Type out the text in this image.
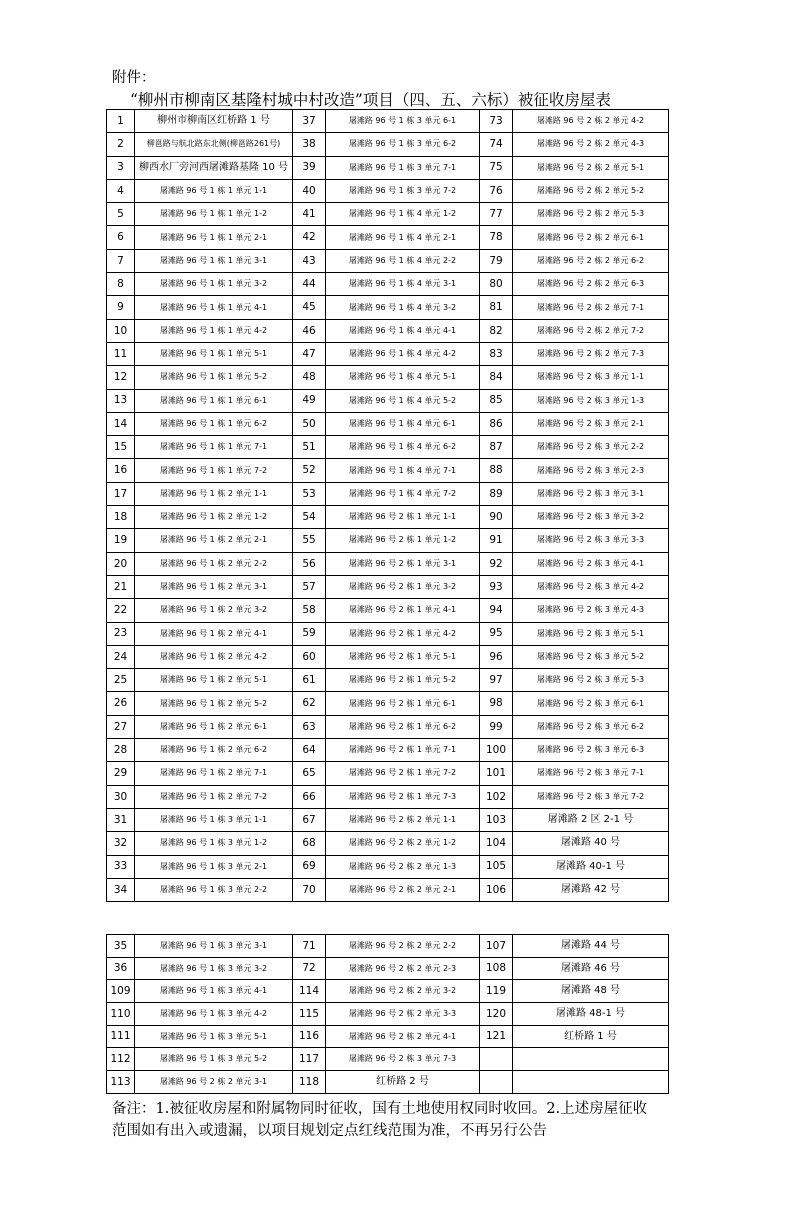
附件：
“柳州市柳南区基隆村城中村改造”项目（四、五、六标）被征收房屋表
1	柳州市柳南区红桥路 1 号	37	屠滩路 96 号 1 栋 3 单元 6-1	73	屠滩路 96 号 2 栋 2 单元 4-2
2	柳邕路与航北路东北侧(柳邕路261号)	38	屠滩路 96 号 1 栋 3 单元 6-2	74	屠滩路 96 号 2 栋 2 单元 4-3
3	柳西水厂旁河西屠滩路基隆 10 号	39	屠滩路 96 号 1 栋 3 单元 7-1	75	屠滩路 96 号 2 栋 2 单元 5-1
4	屠滩路 96 号 1 栋 1 单元 1-1	40	屠滩路 96 号 1 栋 3 单元 7-2	76	屠滩路 96 号 2 栋 2 单元 5-2
5	屠滩路 96 号 1 栋 1 单元 1-2	41	屠滩路 96 号 1 栋 4 单元 1-2	77	屠滩路 96 号 2 栋 2 单元 5-3
6	屠滩路 96 号 1 栋 1 单元 2-1	42	屠滩路 96 号 1 栋 4 单元 2-1	78	屠滩路 96 号 2 栋 2 单元 6-1
7	屠滩路 96 号 1 栋 1 单元 3-1	43	屠滩路 96 号 1 栋 4 单元 2-2	79	屠滩路 96 号 2 栋 2 单元 6-2
8	屠滩路 96 号 1 栋 1 单元 3-2	44	屠滩路 96 号 1 栋 4 单元 3-1	80	屠滩路 96 号 2 栋 2 单元 6-3
9	屠滩路 96 号 1 栋 1 单元 4-1	45	屠滩路 96 号 1 栋 4 单元 3-2	81	屠滩路 96 号 2 栋 2 单元 7-1
10	屠滩路 96 号 1 栋 1 单元 4-2	46	屠滩路 96 号 1 栋 4 单元 4-1	82	屠滩路 96 号 2 栋 2 单元 7-2
11	屠滩路 96 号 1 栋 1 单元 5-1	47	屠滩路 96 号 1 栋 4 单元 4-2	83	屠滩路 96 号 2 栋 2 单元 7-3
12	屠滩路 96 号 1 栋 1 单元 5-2	48	屠滩路 96 号 1 栋 4 单元 5-1	84	屠滩路 96 号 2 栋 3 单元 1-1
13	屠滩路 96 号 1 栋 1 单元 6-1	49	屠滩路 96 号 1 栋 4 单元 5-2	85	屠滩路 96 号 2 栋 3 单元 1-3
14	屠滩路 96 号 1 栋 1 单元 6-2	50	屠滩路 96 号 1 栋 4 单元 6-1	86	屠滩路 96 号 2 栋 3 单元 2-1
15	屠滩路 96 号 1 栋 1 单元 7-1	51	屠滩路 96 号 1 栋 4 单元 6-2	87	屠滩路 96 号 2 栋 3 单元 2-2
16	屠滩路 96 号 1 栋 1 单元 7-2	52	屠滩路 96 号 1 栋 4 单元 7-1	88	屠滩路 96 号 2 栋 3 单元 2-3
17	屠滩路 96 号 1 栋 2 单元 1-1	53	屠滩路 96 号 1 栋 4 单元 7-2	89	屠滩路 96 号 2 栋 3 单元 3-1
18	屠滩路 96 号 1 栋 2 单元 1-2	54	屠滩路 96 号 2 栋 1 单元 1-1	90	屠滩路 96 号 2 栋 3 单元 3-2
19	屠滩路 96 号 1 栋 2 单元 2-1	55	屠滩路 96 号 2 栋 1 单元 1-2	91	屠滩路 96 号 2 栋 3 单元 3-3
20	屠滩路 96 号 1 栋 2 单元 2-2	56	屠滩路 96 号 2 栋 1 单元 3-1	92	屠滩路 96 号 2 栋 3 单元 4-1
21	屠滩路 96 号 1 栋 2 单元 3-1	57	屠滩路 96 号 2 栋 1 单元 3-2	93	屠滩路 96 号 2 栋 3 单元 4-2
22	屠滩路 96 号 1 栋 2 单元 3-2	58	屠滩路 96 号 2 栋 1 单元 4-1	94	屠滩路 96 号 2 栋 3 单元 4-3
23	屠滩路 96 号 1 栋 2 单元 4-1	59	屠滩路 96 号 2 栋 1 单元 4-2	95	屠滩路 96 号 2 栋 3 单元 5-1
24	屠滩路 96 号 1 栋 2 单元 4-2	60	屠滩路 96 号 2 栋 1 单元 5-1	96	屠滩路 96 号 2 栋 3 单元 5-2
25	屠滩路 96 号 1 栋 2 单元 5-1	61	屠滩路 96 号 2 栋 1 单元 5-2	97	屠滩路 96 号 2 栋 3 单元 5-3
26	屠滩路 96 号 1 栋 2 单元 5-2	62	屠滩路 96 号 2 栋 1 单元 6-1	98	屠滩路 96 号 2 栋 3 单元 6-1
27	屠滩路 96 号 1 栋 2 单元 6-1	63	屠滩路 96 号 2 栋 1 单元 6-2	99	屠滩路 96 号 2 栋 3 单元 6-2
28	屠滩路 96 号 1 栋 2 单元 6-2	64	屠滩路 96 号 2 栋 1 单元 7-1	100	屠滩路 96 号 2 栋 3 单元 6-3
29	屠滩路 96 号 1 栋 2 单元 7-1	65	屠滩路 96 号 2 栋 1 单元 7-2	101	屠滩路 96 号 2 栋 3 单元 7-1
30	屠滩路 96 号 1 栋 2 单元 7-2	66	屠滩路 96 号 2 栋 1 单元 7-3	102	屠滩路 96 号 2 栋 3 单元 7-2
31	屠滩路 96 号 1 栋 3 单元 1-1	67	屠滩路 96 号 2 栋 2 单元 1-1	103	屠滩路 2 区 2-1 号
32	屠滩路 96 号 1 栋 3 单元 1-2	68	屠滩路 96 号 2 栋 2 单元 1-2	104	屠滩路 40 号
33	屠滩路 96 号 1 栋 3 单元 2-1	69	屠滩路 96 号 2 栋 2 单元 1-3	105	屠滩路 40-1 号
34	屠滩路 96 号 1 栋 3 单元 2-2	70	屠滩路 96 号 2 栋 2 单元 2-1	106	屠滩路 42 号
35	屠滩路 96 号 1 栋 3 单元 3-1	71	屠滩路 96 号 2 栋 2 单元 2-2	107	屠滩路 44 号
36	屠滩路 96 号 1 栋 3 单元 3-2	72	屠滩路 96 号 2 栋 2 单元 2-3	108	屠滩路 46 号
109	屠滩路 96 号 1 栋 3 单元 4-1	114	屠滩路 96 号 2 栋 2 单元 3-2	119	屠滩路 48 号
110	屠滩路 96 号 1 栋 3 单元 4-2	115	屠滩路 96 号 2 栋 2 单元 3-3	120	屠滩路 48-1 号
111	屠滩路 96 号 1 栋 3 单元 5-1	116	屠滩路 96 号 2 栋 2 单元 4-1	121	红桥路 1 号
112	屠滩路 96 号 1 栋 3 单元 5-2	117	屠滩路 96 号 2 栋 3 单元 7-3		
113	屠滩路 96 号 2 栋 2 单元 3-1	118	红桥路 2 号		
备注：1.被征收房屋和附属物同时征收，国有土地使用权同时收回。2.上述房屋征收范围如有出入或遗漏，以项目规划定点红线范围为准，不再另行公告
